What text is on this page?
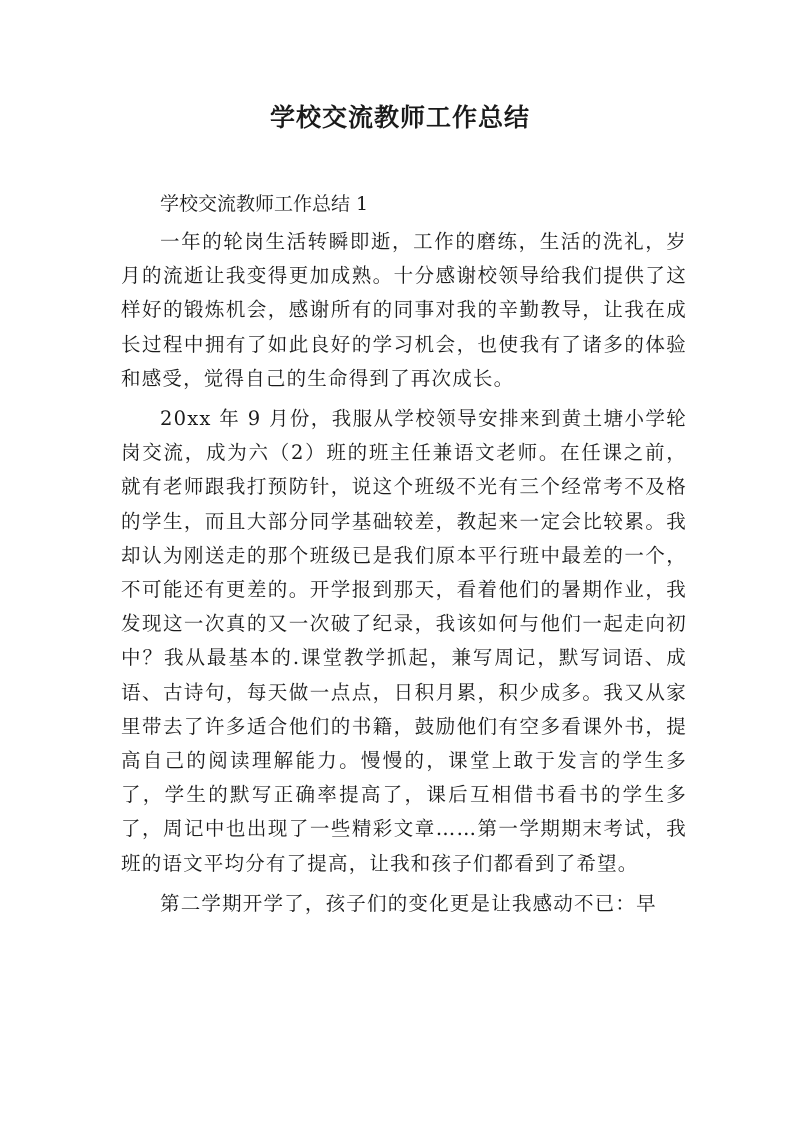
学校交流教师工作总结

学校交流教师工作总结 1

一年的轮岗生活转瞬即逝，工作的磨练，生活的洗礼，岁月的流逝让我变得更加成熟。十分感谢校领导给我们提供了这样好的锻炼机会，感谢所有的同事对我的辛勤教导，让我在成长过程中拥有了如此良好的学习机会，也使我有了诸多的体验和感受，觉得自己的生命得到了再次成长。

20xx 年 9 月份，我服从学校领导安排来到黄土塘小学轮岗交流，成为六（2）班的班主任兼语文老师。在任课之前，就有老师跟我打预防针，说这个班级不光有三个经常考不及格的学生，而且大部分同学基础较差，教起来一定会比较累。我却认为刚送走的那个班级已是我们原本平行班中最差的一个，不可能还有更差的。开学报到那天，看着他们的暑期作业，我发现这一次真的又一次破了纪录，我该如何与他们一起走向初中？我从最基本的.课堂教学抓起，兼写周记，默写词语、成语、古诗句，每天做一点点，日积月累，积少成多。我又从家里带去了许多适合他们的书籍，鼓励他们有空多看课外书，提高自己的阅读理解能力。慢慢的，课堂上敢于发言的学生多了，学生的默写正确率提高了，课后互相借书看书的学生多了，周记中也出现了一些精彩文章……第一学期期末考试，我班的语文平均分有了提高，让我和孩子们都看到了希望。

第二学期开学了，孩子们的变化更是让我感动不已：早
